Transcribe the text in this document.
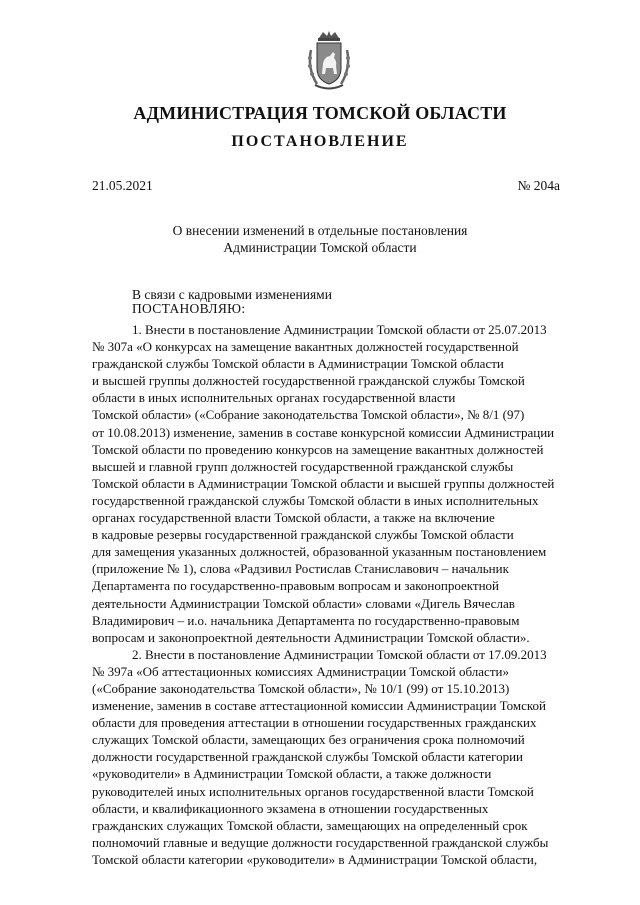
АДМИНИСТРАЦИЯ ТОМСКОЙ ОБЛАСТИ
ПОСТАНОВЛЕНИЕ
21.05.2021	№ 204а
О внесении изменений в отдельные постановления
Администрации Томской области
В связи с кадровыми изменениями
ПОСТАНОВЛЯЮ:
1. Внести в постановление Администрации Томской области от 25.07.2013
№ 307а «О конкурсах на замещение вакантных должностей государственной
гражданской службы Томской области в Администрации Томской области
и высшей группы должностей государственной гражданской службы Томской
области в иных исполнительных органах государственной власти
Томской области» («Собрание законодательства Томской области», № 8/1 (97)
от 10.08.2013) изменение, заменив в составе конкурсной комиссии Администрации
Томской области по проведению конкурсов на замещение вакантных должностей
высшей и главной групп должностей государственной гражданской службы
Томской области в Администрации Томской области и высшей группы должностей
государственной гражданской службы Томской области в иных исполнительных
органах государственной власти Томской области, а также на включение
в кадровые резервы государственной гражданской службы Томской области
для замещения указанных должностей, образованной указанным постановлением
(приложение № 1), слова «Радзивил Ростислав Станиславович – начальник
Департамента по государственно-правовым вопросам и законопроектной
деятельности Администрации Томской области» словами «Дигель Вячеслав
Владимирович – и.о. начальника Департамента по государственно-правовым
вопросам и законопроектной деятельности Администрации Томской области».
2. Внести в постановление Администрации Томской области от 17.09.2013
№ 397а «Об аттестационных комиссиях Администрации Томской области»
(«Собрание законодательства Томской области», № 10/1 (99) от 15.10.2013)
изменение, заменив в составе аттестационной комиссии Администрации Томской
области для проведения аттестации в отношении государственных гражданских
служащих Томской области, замещающих без ограничения срока полномочий
должности государственной гражданской службы Томской области категории
«руководители» в Администрации Томской области, а также должности
руководителей иных исполнительных органов государственной власти Томской
области, и квалификационного экзамена в отношении государственных
гражданских служащих Томской области, замещающих на определенный срок
полномочий главные и ведущие должности государственной гражданской службы
Томской области категории «руководители» в Администрации Томской области,
